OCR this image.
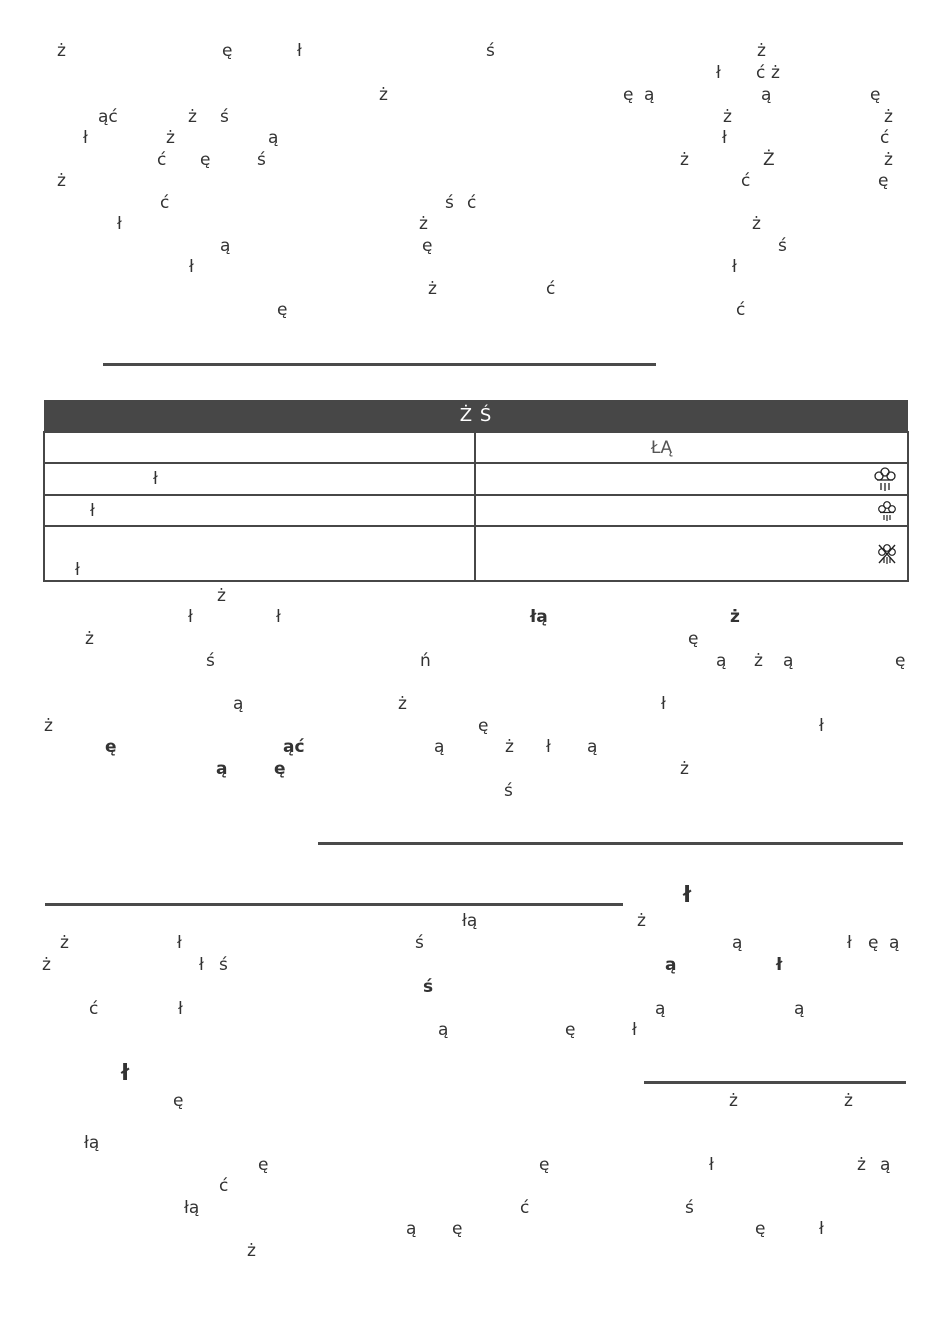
ż	ę	ł	ś
ż
ąć	ż ś
ł	ż	ą
ć ę	ś
ż
ć	ś ć
ł	ż
ą	ę
ł
ż	ć
ę
ż
ł ć ż
ę ą	ą	ę
ż	ż
ł	ć
ż	Ż	ż
ć	ę
ż
ś
ł
ć
Ż Ś	
	ŁĄ
ł	
ł	
ł	
ż
ł	ł	łą	ż
ż	ę
ś	ń	ą ż ą	ę
ą	ż	ł
ż	ę	ł
ę	ąć	ą	ż ł ą
ą	ę	ż
ś
ł
ł
łą	ż
ż	ł	ś	ą	ł ę ą
ż	ł ś	ą	ł
ś
ć	ł	ą	ą
ą	ę	ł
ę	ż	ż
łą
ę	ę	ł	ż ą
ć
łą	ć	ś
ą ę	ę	ł
ż
